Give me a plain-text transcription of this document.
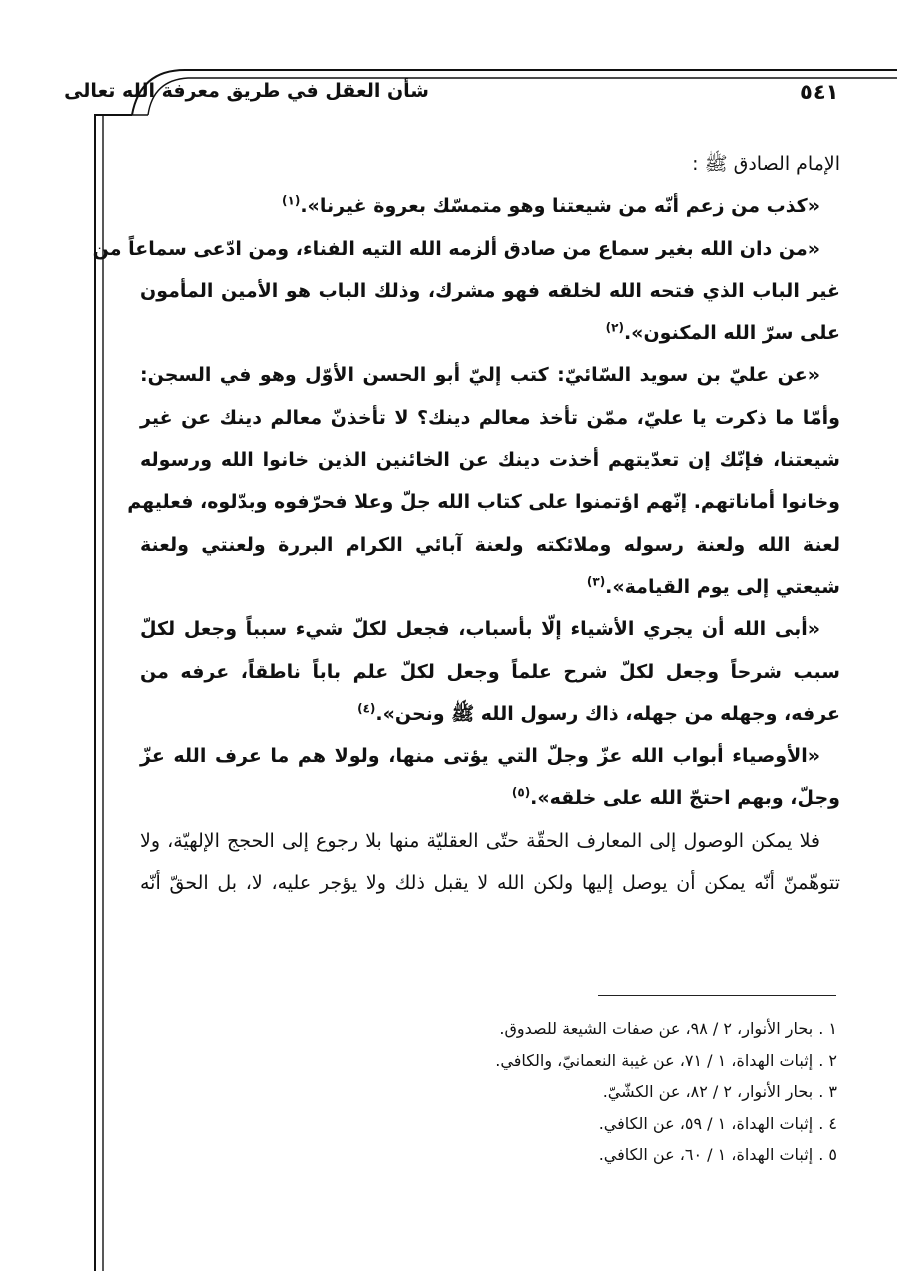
٥٤١
شأن العقل في طريق معرفة الله تعالى
الإمام الصادق ﷺ :
«كذب من زعم أنّه من شيعتنا وهو متمسّك بعروة غيرنا».$^{(١)}$
«من دان الله بغير سماع من صادق ألزمه الله التيه الفناء، ومن ادّعى سماعاً من
غير الباب الذي فتحه الله لخلقه فهو مشرك، وذلك الباب هو الأمين المأمون
على سرّ الله المكنون».$^{(٢)}$
«عن عليّ بن سويد السّائيّ: كتب إليّ أبو الحسن الأوّل وهو في السجن:
وأمّا ما ذكرت يا عليّ، ممّن تأخذ معالم دينك؟ لا تأخذنّ معالم دينك عن غير
شيعتنا، فإنّك إن تعدّيتهم أخذت دينك عن الخائنين الذين خانوا الله ورسوله
وخانوا أماناتهم. إنّهم اؤتمنوا على كتاب الله جلّ وعلا فحرّفوه وبدّلوه، فعليهم
لعنة الله ولعنة رسوله وملائكته ولعنة آبائي الكرام البررة ولعنتي ولعنة
شيعتي إلى يوم القيامة».$^{(٣)}$
«أبى الله أن يجري الأشياء إلّا بأسباب، فجعل لكلّ شيء سبباً وجعل لكلّ
سبب شرحاً وجعل لكلّ شرح علماً وجعل لكلّ علم باباً ناطقاً، عرفه من
عرفه، وجهله من جهله، ذاك رسول الله ﷺ ونحن».$^{(٤)}$
«الأوصياء أبواب الله عزّ وجلّ التي يؤتى منها، ولولا هم ما عرف الله عزّ
وجلّ، وبهم احتجّ الله على خلقه».$^{(٥)}$
فلا يمكن الوصول إلى المعارف الحقّة حتّى العقليّة منها بلا رجوع إلى الحجج الإلهيّة، ولا
تتوهّمنّ أنّه يمكن أن يوصل إليها ولكن الله لا يقبل ذلك ولا يؤجر عليه، لا، بل الحقّ أنّه
١ . بحار الأنوار، ٢ / ٩٨، عن صفات الشيعة للصدوق.
٢ . إثبات الهداة، ١ / ٧١، عن غيبة النعمانيّ، والكافي.
٣ . بحار الأنوار، ٢ / ٨٢، عن الكشّيّ.
٤ . إثبات الهداة، ١ / ٥٩، عن الكافي.
٥ . إثبات الهداة، ١ / ٦٠، عن الكافي.
